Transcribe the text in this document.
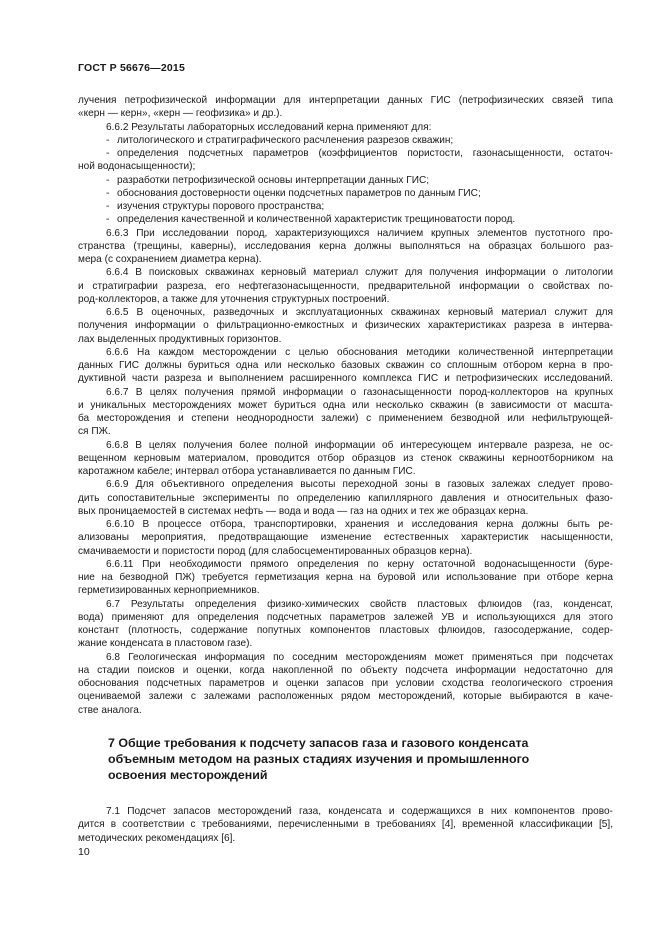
ГОСТ Р 56676—2015
лучения петрофизической информации для интерпретации данных ГИС (петрофизических связей типа
«керн — керн», «керн — геофизика» и др.).
6.6.2 Результаты лабораторных исследований керна применяют для:
- литологического и стратиграфического расчленения разрезов скважин;
- определения подсчетных параметров (коэффициентов пористости, газонасыщенности, остаточ-
ной водонасыщенности);
- разработки петрофизической основы интерпретации данных ГИС;
- обоснования достоверности оценки подсчетных параметров по данным ГИС;
- изучения структуры порового пространства;
- определения качественной и количественной характеристик трещиноватости пород.
6.6.3 При исследовании пород, характеризующихся наличием крупных элементов пустотного про-
странства (трещины, каверны), исследования керна должны выполняться на образцах большого раз-
мера (с сохранением диаметра керна).
6.6.4 В поисковых скважинах керновый материал служит для получения информации о литологии
и стратиграфии разреза, его нефтегазонасыщенности, предварительной информации о свойствах по-
род-коллекторов, а также для уточнения структурных построений.
6.6.5 В оценочных, разведочных и эксплуатационных скважинах керновый материал служит для
получения информации о фильтрационно-емкостных и физических характеристиках разреза в интерва-
лах выделенных продуктивных горизонтов.
6.6.6 На каждом месторождении с целью обоснования методики количественной интерпретации
данных ГИС должны буриться одна или несколько базовых скважин со сплошным отбором керна в про-
дуктивной части разреза и выполнением расширенного комплекса ГИС и петрофизических исследований.
6.6.7 В целях получения прямой информации о газонасыщенности пород-коллекторов на крупных
и уникальных месторождениях может буриться одна или несколько скважин (в зависимости от масшта-
ба месторождения и степени неоднородности залежи) с применением безводной или нефильтрующей-
ся ПЖ.
6.6.8 В целях получения более полной информации об интересующем интервале разреза, не ос-
вещенном керновым материалом, проводится отбор образцов из стенок скважины керноотборником на
каротажном кабеле; интервал отбора устанавливается по данным ГИС.
6.6.9 Для объективного определения высоты переходной зоны в газовых залежах следует прово-
дить сопоставительные эксперименты по определению капиллярного давления и относительных фазо-
вых проницаемостей в системах нефть — вода и вода — газ на одних и тех же образцах керна.
6.6.10 В процессе отбора, транспортировки, хранения и исследования керна должны быть ре-
ализованы мероприятия, предотвращающие изменение естественных характеристик насыщенности,
смачиваемости и пористости пород (для слабосцементированных образцов керна).
6.6.11 При необходимости прямого определения по керну остаточной водонасыщенности (буре-
ние на безводной ПЖ) требуется герметизация керна на буровой или использование при отборе керна
герметизированных кернoприемников.
6.7 Результаты определения физико-химических свойств пластовых флюидов (газ, конденсат,
вода) применяют для определения подсчетных параметров залежей УВ и использующихся для этого
констант (плотность, содержание попутных компонентов пластовых флюидов, газосодержание, содер-
жание конденсата в пластовом газе).
6.8 Геологическая информация по соседним месторождениям может применяться при подсчетах
на стадии поисков и оценки, когда накопленной по объекту подсчета информации недостаточно для
обоснования подсчетных параметров и оценки запасов при условии сходства геологического строения
оцениваемой залежи с залежами расположенных рядом месторождений, которые выбираются в каче-
стве аналога.
7 Общие требования к подсчету запасов газа и газового конденсата
объемным методом на разных стадиях изучения и промышленного
освоения месторождений
7.1 Подсчет запасов месторождений газа, конденсата и содержащихся в них компонентов прово-
дится в соответствии с требованиями, перечисленными в требованиях [4], временной классификации [5],
методических рекомендациях [6].
10
